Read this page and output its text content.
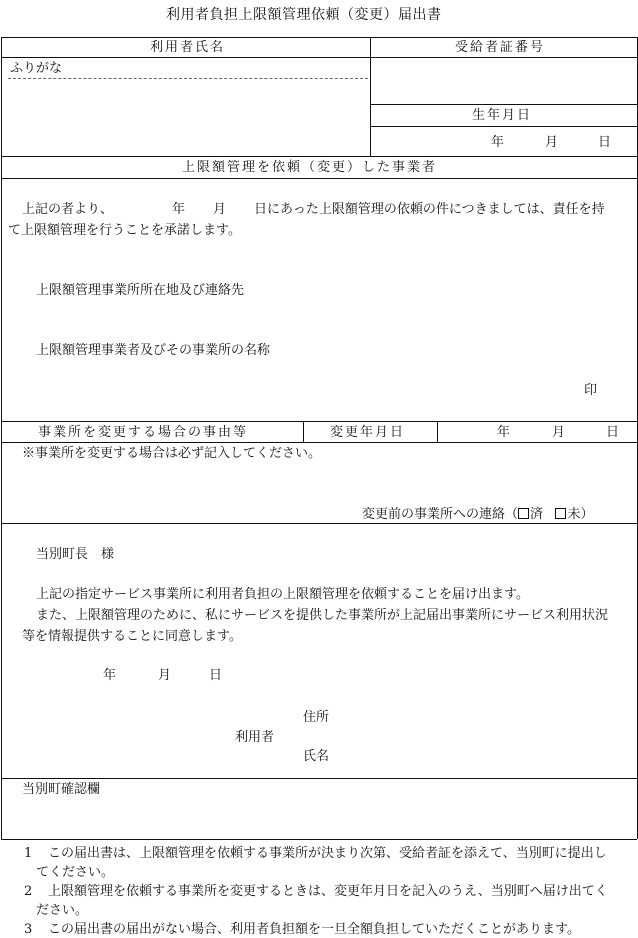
利用者負担上限額管理依頼（変更）届出書
利用者氏名	受給者証番号
ふりがな
生年月日
年	月	日
上限額管理を依頼（変更）した事業者
上記の者より、	年 月 日にあった上限額管理の依頼の件につきましては、責任を持
て上限額管理を行うことを承諾します。
上限額管理事業所所在地及び連絡先
上限額管理事業者及びその事業所の名称
印
事業所を変更する場合の事由等	変更年月日	年	月	日
※事業所を変更する場合は必ず記入してください。
変更前の事業所への連絡（ 済 未）
当別町長　様
上記の指定サービス事業所に利用者負担の上限額管理を依頼することを届け出ます。
また、上限額管理のために、私にサービスを提供した事業所が上記届出事業所にサービス利用状況
等を情報提供することに同意します。
年	月	日
住所
利用者
氏名
当別町確認欄
1 この届出書は、上限額管理を依頼する事業所が決まり次第、受給者証を添えて、当別町に提出し
てください。
2 上限額管理を依頼する事業所を変更するときは、変更年月日を記入のうえ、当別町へ届け出てく
ださい。
3 この届出書の届出がない場合、利用者負担額を一旦全額負担していただくことがあります。
